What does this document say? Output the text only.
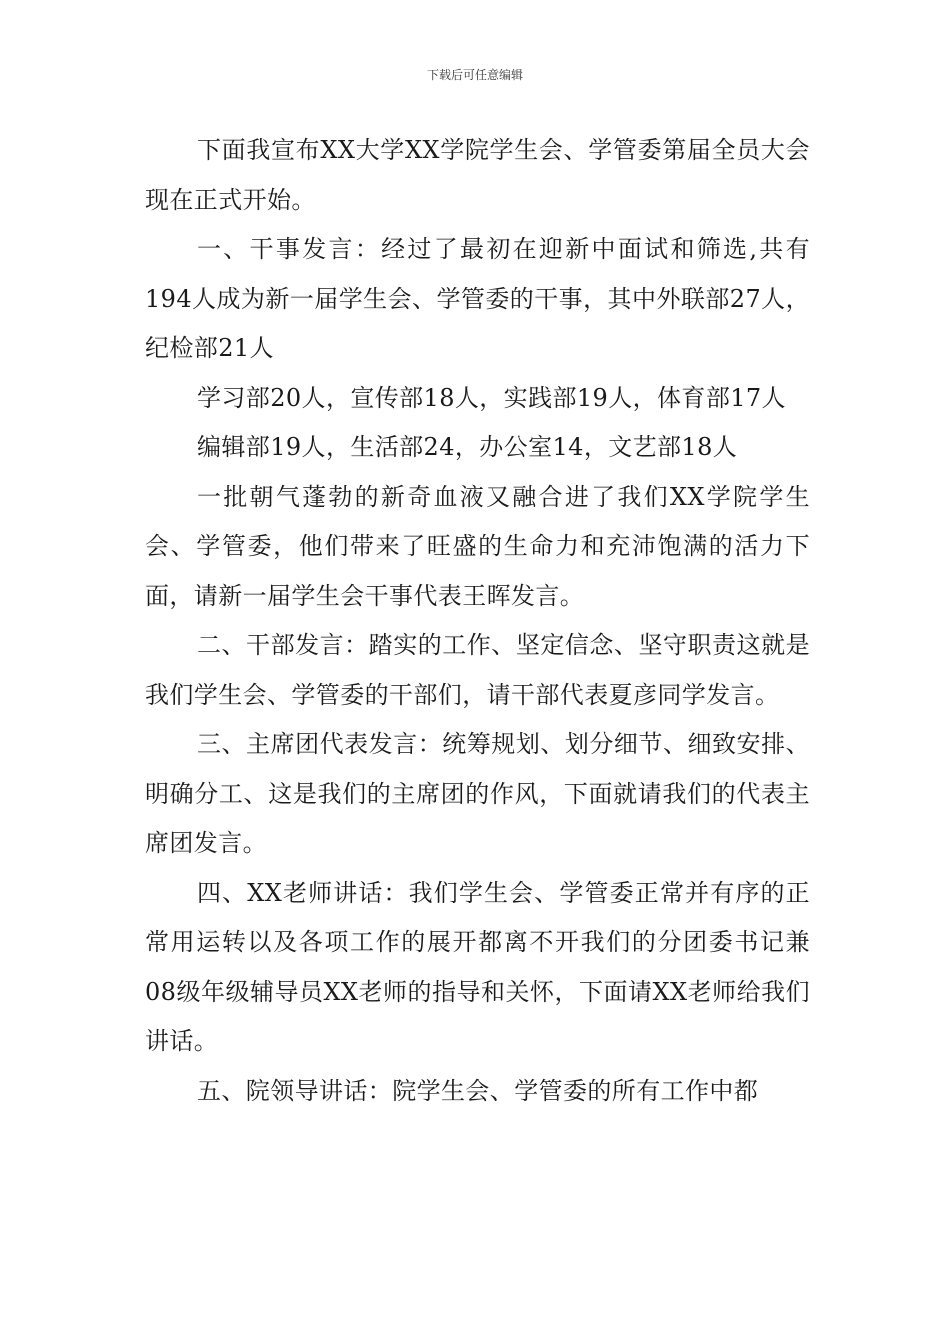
下载后可任意编辑

下面我宣布XX大学XX学院学生会、学管委第届全员大会现在正式开始。

一、干事发言：经过了最初在迎新中面试和筛选,共有194人成为新一届学生会、学管委的干事，其中外联部27人，纪检部21人

学习部20人，宣传部18人，实践部19人，体育部17人

编辑部19人，生活部24，办公室14，文艺部18人

一批朝气蓬勃的新奇血液又融合进了我们XX学院学生会、学管委，他们带来了旺盛的生命力和充沛饱满的活力下面，请新一届学生会干事代表王晖发言。

二、干部发言：踏实的工作、坚定信念、坚守职责这就是我们学生会、学管委的干部们，请干部代表夏彦同学发言。

三、主席团代表发言：统筹规划、划分细节、细致安排、明确分工、这是我们的主席团的作风，下面就请我们的代表主席团发言。

四、XX老师讲话：我们学生会、学管委正常并有序的正常用运转以及各项工作的展开都离不开我们的分团委书记兼08级年级辅导员XX老师的指导和关怀，下面请XX老师给我们讲话。

五、院领导讲话：院学生会、学管委的所有工作中都
